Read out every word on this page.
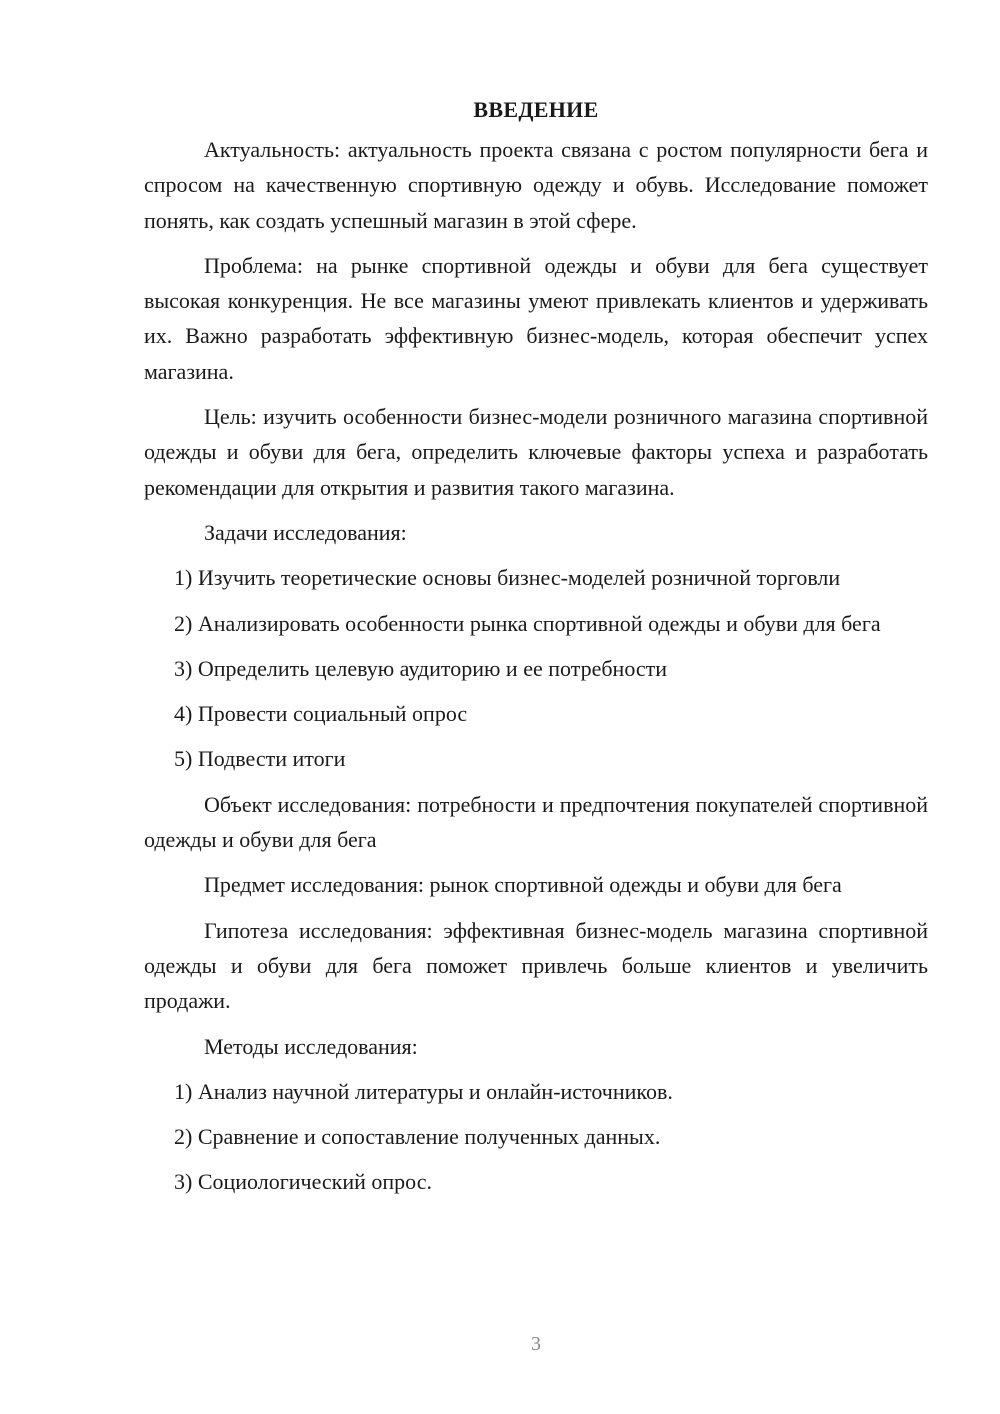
ВВЕДЕНИЕ

Актуальность: актуальность проекта связана с ростом популярности бега и спросом на качественную спортивную одежду и обувь. Исследование поможет понять, как создать успешный магазин в этой сфере.

Проблема: на рынке спортивной одежды и обуви для бега существует высокая конкуренция. Не все магазины умеют привлекать клиентов и удерживать их. Важно разработать эффективную бизнес-модель, которая обеспечит успех магазина.

Цель: изучить особенности бизнес-модели розничного магазина спортивной одежды и обуви для бега, определить ключевые факторы успеха и разработать рекомендации для открытия и развития такого магазина.

Задачи исследования:

1) Изучить теоретические основы бизнес-моделей розничной торговли

2) Анализировать особенности рынка спортивной одежды и обуви для бега

3) Определить целевую аудиторию и ее потребности

4) Провести социальный опрос

5) Подвести итоги

Объект исследования: потребности и предпочтения покупателей спортивной одежды и обуви для бега

Предмет исследования: рынок спортивной одежды и обуви для бега

Гипотеза исследования: эффективная бизнес-модель магазина спортивной одежды и обуви для бега поможет привлечь больше клиентов и увеличить продажи.

Методы исследования:

1) Анализ научной литературы и онлайн-источников.

2) Сравнение и сопоставление полученных данных.

3) Социологический опрос.

3
